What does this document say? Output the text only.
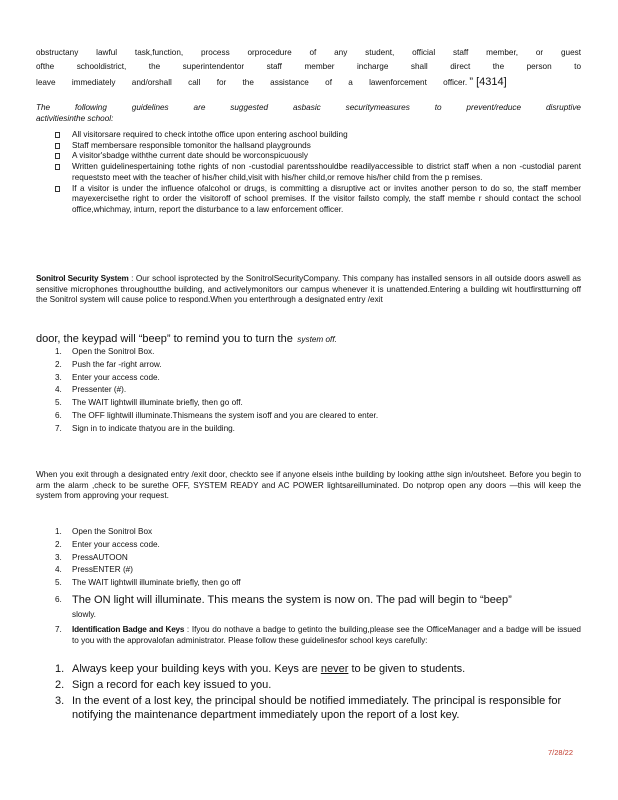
obstructany lawful task,function, process orprocedure of any student, official staff member, or guest

ofthe schooldistrict, the superintendentor staff member incharge shall direct the person to

leave immediately and/orshall call for the assistance of a lawenforcement officer. ” [4314]

The following guidelines are suggested asbasic securitymeasures to prevent/reduce disruptive

activitiesinthe school:

All visitorsare required to check intothe office upon entering aschool building
Staff membersare responsible tomonitor the hallsand playgrounds
A visitor'sbadge withthe current date should be worconspicuously
Written guidelinespertaining tothe rights of non -custodial parentsshouldbe readilyaccessible to district staff when a non -custodial parent requeststo meet with the teacher of his/her child,visit with his/her child,or remove his/her child from the p remises.
If a visitor is under the influence ofalcohol or drugs, is committing a disruptive act or invites another person to do so, the staff member mayexercisethe right to order the visitoroff of school premises. If the visitor failsto comply, the staff membe r should contact the school office,whichmay, inturn, report the disturbance to a law enforcement officer.

Sonitrol Security System : Our school isprotected by the SonitrolSecurityCompany. This company has installed sensors in all outside doors aswell as sensitive microphones throughoutthe building, and activelymonitors our campus whenever it is unattended.Entering a building wit houtfirstturning off the Sonitrol system will cause police to respond.When you enterthrough a designated entry /exit

door, the keypad will “beep” to remind you to turn the system off.
1. Open the Sonitrol Box.
2. Push the far -right arrow.
3. Enter your access code.
4. Pressenter (#).
5. The WAIT lightwill illuminate briefly, then go off.
6. The OFF lightwill illuminate.Thismeans the system isoff and you are cleared to enter.
7. Sign in to indicate thatyou are in the building.

When you exit through a designated entry /exit door, checkto see if anyone elseis inthe building by looking atthe sign in/outsheet. Before you begin to arm the alarm ,check to be surethe OFF, SYSTEM READY and AC POWER lightsareilluminated. Do notprop open any doors —this will keep the system from approving your request.

1. Open the Sonitrol Box
2. Enter your access code.
3. PressAUTOON
4. PressENTER (#)
5. The WAIT lightwill illuminate briefly, then go off
6. The ON light will illuminate. This means the system is now on. The pad will begin to “beep”
slowly.
7. Identification Badge and Keys : Ifyou do nothave a badge to getinto the building,please see the OfficeManager and a badge will be issued to you with the approvalofan administrator. Please follow these guidelinesfor school keys carefully:
1. Always keep your building keys with you. Keys are never to be given to students.
2. Sign a record for each key issued to you.
3. In the event of a lost key, the principal should be notified immediately. The principal is responsible for notifying the maintenance department immediately upon the report of a lost key.
7/28/22
